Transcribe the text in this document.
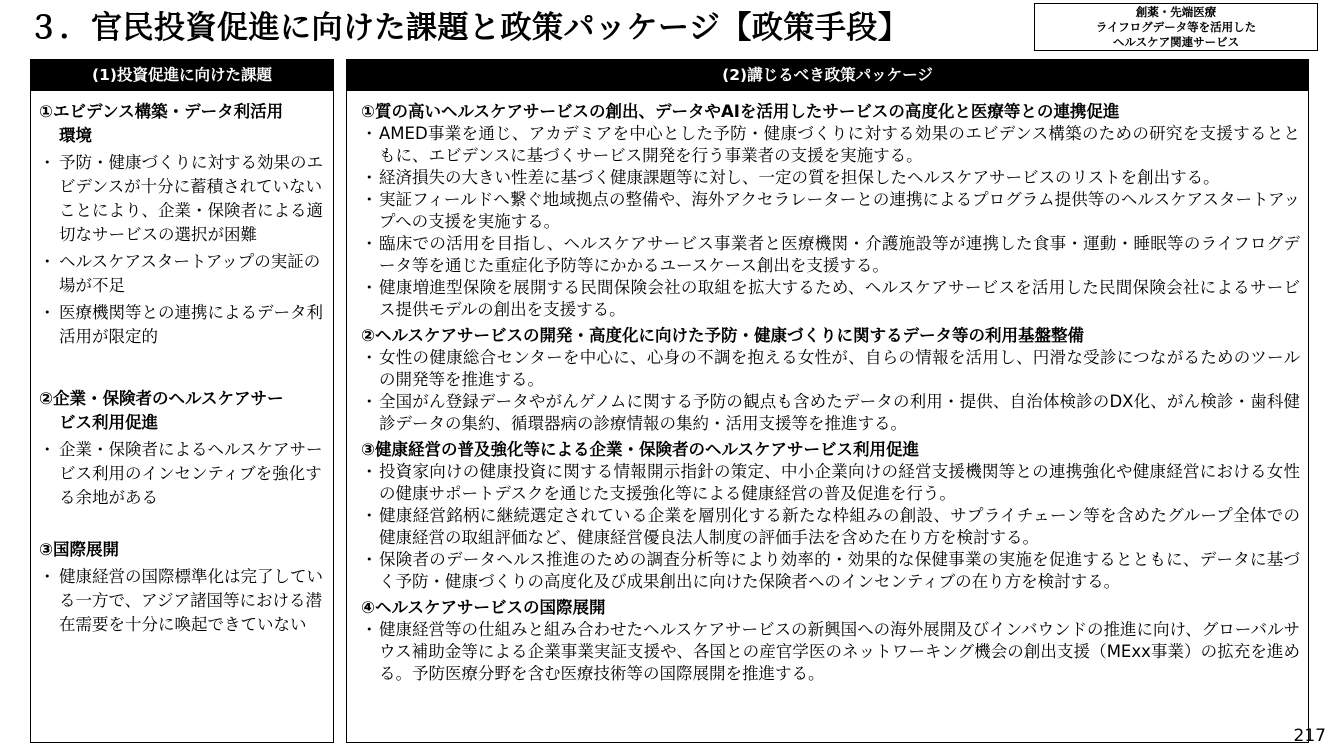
３．官民投資促進に向けた課題と政策パッケージ【政策手段】	創薬・先端医療
ライフログデータ等を活用した
ヘルスケア関連サービス
(1)投資促進に向けた課題
①エビデンス構築・データ利活用
環境
・ 予防・健康づくりに対する効果のエビデンスが十分に蓄積されていないことにより、企業・保険者による適切なサービスの選択が困難
・ ヘルスケアスタートアップの実証の場が不足
・ 医療機関等との連携によるデータ利活用が限定的
②企業・保険者のヘルスケアサー
ビス利用促進
・ 企業・保険者によるヘルスケアサービス利用のインセンティブを強化する余地がある
③国際展開
・ 健康経営の国際標準化は完了している一方で、アジア諸国等における潜在需要を十分に喚起できていない
(2)講じるべき政策パッケージ
①質の高いヘルスケアサービスの創出、データやAIを活用したサービスの高度化と医療等との連携促進
・ AMED事業を通じ、アカデミアを中心とした予防・健康づくりに対する効果のエビデンス構築のための研究を支援するとともに、エビデンスに基づくサービス開発を行う事業者の支援を実施する。
・ 経済損失の大きい性差に基づく健康課題等に対し、一定の質を担保したヘルスケアサービスのリストを創出する。
・ 実証フィールドへ繋ぐ地域拠点の整備や、海外アクセラレーターとの連携によるプログラム提供等のヘルスケアスタートアップへの支援を実施する。
・ 臨床での活用を目指し、ヘルスケアサービス事業者と医療機関・介護施設等が連携した食事・運動・睡眠等のライフログデータ等を通じた重症化予防等にかかるユースケース創出を支援する。
・ 健康増進型保険を展開する民間保険会社の取組を拡大するため、ヘルスケアサービスを活用した民間保険会社によるサービス提供モデルの創出を支援する。
②ヘルスケアサービスの開発・高度化に向けた予防・健康づくりに関するデータ等の利用基盤整備
・ 女性の健康総合センターを中心に、心身の不調を抱える女性が、自らの情報を活用し、円滑な受診につながるためのツールの開発等を推進する。
・ 全国がん登録データやがんゲノムに関する予防の観点も含めたデータの利用・提供、自治体検診のDX化、がん検診・歯科健診データの集約、循環器病の診療情報の集約・活用支援等を推進する。
③健康経営の普及強化等による企業・保険者のヘルスケアサービス利用促進
・ 投資家向けの健康投資に関する情報開示指針の策定、中小企業向けの経営支援機関等との連携強化や健康経営における女性の健康サポートデスクを通じた支援強化等による健康経営の普及促進を行う。
・ 健康経営銘柄に継続選定されている企業を層別化する新たな枠組みの創設、サプライチェーン等を含めたグループ全体での健康経営の取組評価など、健康経営優良法人制度の評価手法を含めた在り方を検討する。
・ 保険者のデータヘルス推進のための調査分析等により効率的・効果的な保健事業の実施を促進するとともに、データに基づく予防・健康づくりの高度化及び成果創出に向けた保険者へのインセンティブの在り方を検討する。
④ヘルスケアサービスの国際展開
・ 健康経営等の仕組みと組み合わせたヘルスケアサービスの新興国への海外展開及びインバウンドの推進に向け、グローバルサウス補助金等による企業事業実証支援や、各国との産官学医のネットワーキング機会の創出支援（MExx事業）の拡充を進める。予防医療分野を含む医療技術等の国際展開を推進する。
217
